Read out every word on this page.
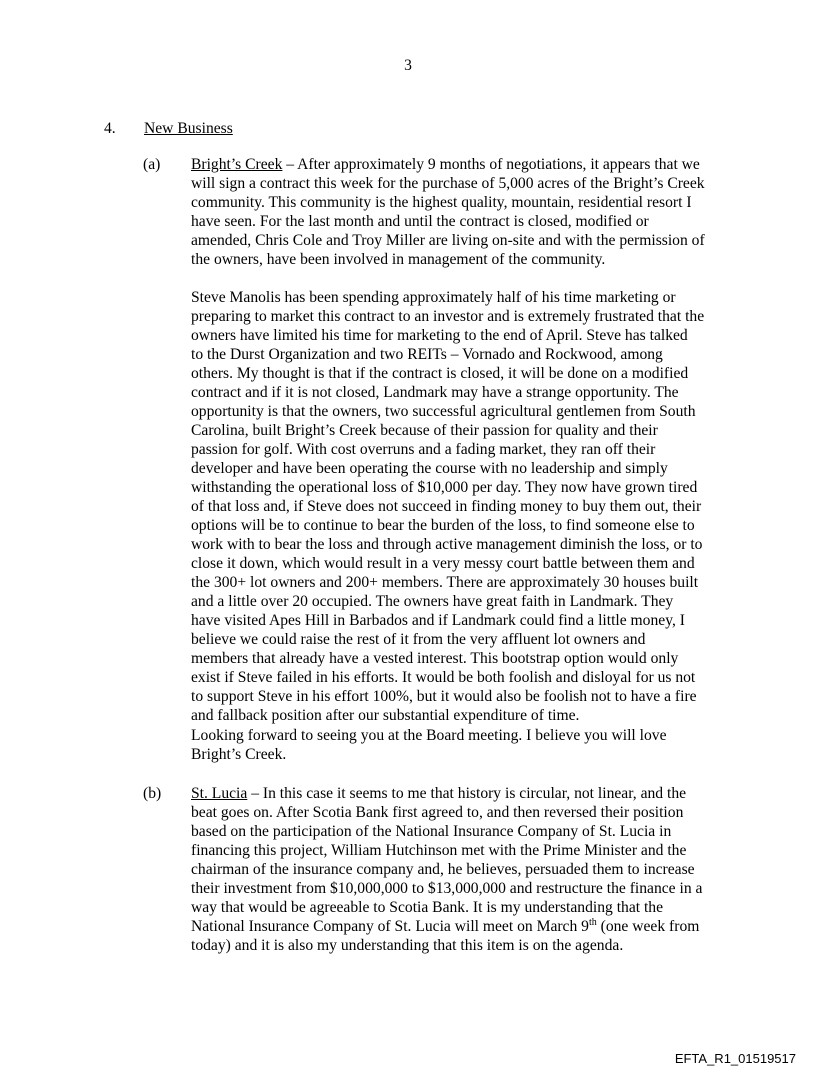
3
4. New Business
(a) Bright’s Creek – After approximately 9 months of negotiations, it appears that we
will sign a contract this week for the purchase of 5,000 acres of the Bright’s Creek
community. This community is the highest quality, mountain, residential resort I
have seen. For the last month and until the contract is closed, modified or
amended, Chris Cole and Troy Miller are living on-site and with the permission of
the owners, have been involved in management of the community.

Steve Manolis has been spending approximately half of his time marketing or
preparing to market this contract to an investor and is extremely frustrated that the
owners have limited his time for marketing to the end of April. Steve has talked
to the Durst Organization and two REITs – Vornado and Rockwood, among
others. My thought is that if the contract is closed, it will be done on a modified
contract and if it is not closed, Landmark may have a strange opportunity. The
opportunity is that the owners, two successful agricultural gentlemen from South
Carolina, built Bright’s Creek because of their passion for quality and their
passion for golf. With cost overruns and a fading market, they ran off their
developer and have been operating the course with no leadership and simply
withstanding the operational loss of $10,000 per day. They now have grown tired
of that loss and, if Steve does not succeed in finding money to buy them out, their
options will be to continue to bear the burden of the loss, to find someone else to
work with to bear the loss and through active management diminish the loss, or to
close it down, which would result in a very messy court battle between them and
the 300+ lot owners and 200+ members. There are approximately 30 houses built
and a little over 20 occupied. The owners have great faith in Landmark. They
have visited Apes Hill in Barbados and if Landmark could find a little money, I
believe we could raise the rest of it from the very affluent lot owners and
members that already have a vested interest. This bootstrap option would only
exist if Steve failed in his efforts. It would be both foolish and disloyal for us not
to support Steve in his effort 100%, but it would also be foolish not to have a fire
and fallback position after our substantial expenditure of time.

Looking forward to seeing you at the Board meeting. I believe you will love
Bright’s Creek.

(b) St. Lucia – In this case it seems to me that history is circular, not linear, and the
beat goes on. After Scotia Bank first agreed to, and then reversed their position
based on the participation of the National Insurance Company of St. Lucia in
financing this project, William Hutchinson met with the Prime Minister and the
chairman of the insurance company and, he believes, persuaded them to increase
their investment from $10,000,000 to $13,000,000 and restructure the finance in a
way that would be agreeable to Scotia Bank. It is my understanding that the
National Insurance Company of St. Lucia will meet on March 9th (one week from
today) and it is also my understanding that this item is on the agenda.

EFTA_R1_01519517
